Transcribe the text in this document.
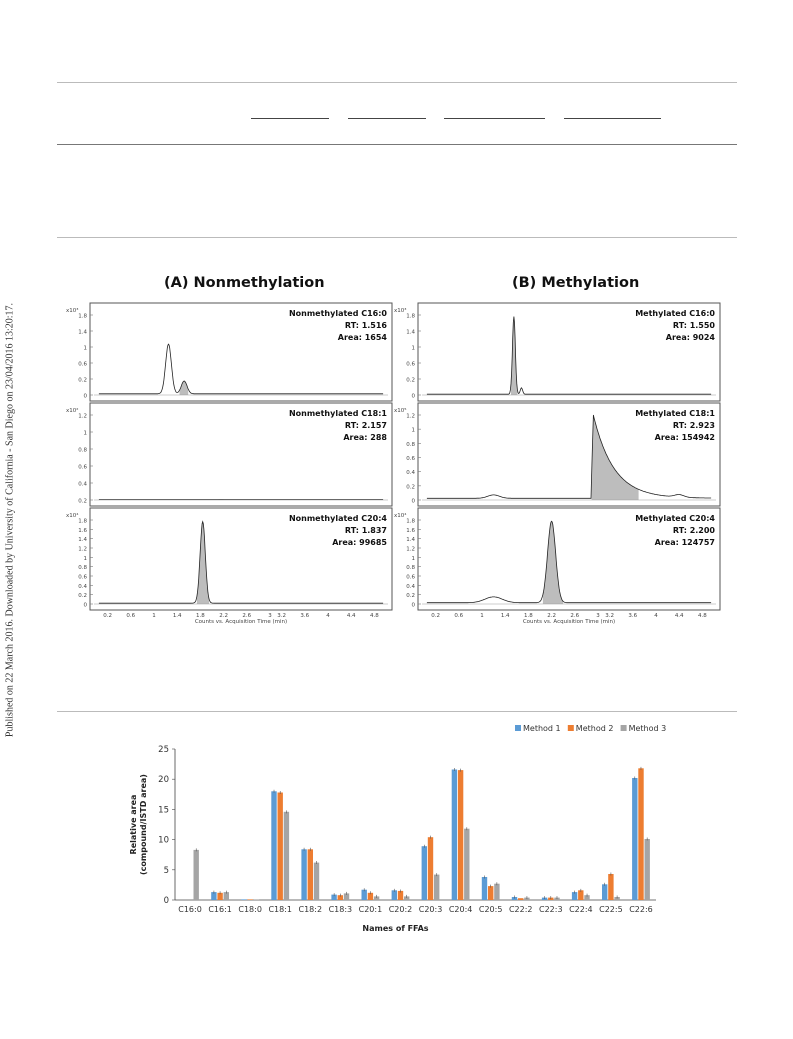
Published on 22 March 2016. Downloaded by University of California - San Diego on 23/04/2016 13:20:17.
(A) Nonmethylation	(B) Methylation
1.8
1.4
1
0.6
0.2
0
x10³	Nonmethylated C16:0
RT: 1.516
Area: 1654
1.2
1
0.8
0.6
0.4
0.2
x10²	Nonmethylated C18:1
RT: 2.157
Area: 288
1.8
1.6
1.4
1.2
1
0.8
0.6
0.4
0.2
0
x10⁴	Nonmethylated C20:4
RT: 1.837
Area: 99685
1.8
1.4
1
0.6
0.2
0
x10³	Methylated C16:0
RT: 1.550
Area: 9024
1.2
1
0.8
0.6
0.4
0.2
0
x10⁵	Methylated C18:1
RT: 2.923
Area: 154942
1.8
1.6
1.4
1.2
1
0.8
0.6
0.4
0.2
0
x10⁴	Methylated C20:4
RT: 2.200
Area: 124757
0.2	0.6	1	1.4	1.8	2.2	2.6	3 3.2	3.6	4	4.4	4.8
Counts vs. Acquisition Time (min)
0.2	0.6	1	1.4	1.8	2.2	2.6	3 3.2	3.6	4	4.4	4.8
Counts vs. Acquisition Time (min)
0
5
10
15
20
25
Relative area (compound/ISTD area)
C16:0 C16:1 C18:0 C18:1 C18:2 C18:3 C20:1 C20:2 C20:3 C20:4 C20:5 C22:2 C22:3 C22:4 C22:5 C22:6
Names of FFAs
Method 1 Method 2 Method 3
